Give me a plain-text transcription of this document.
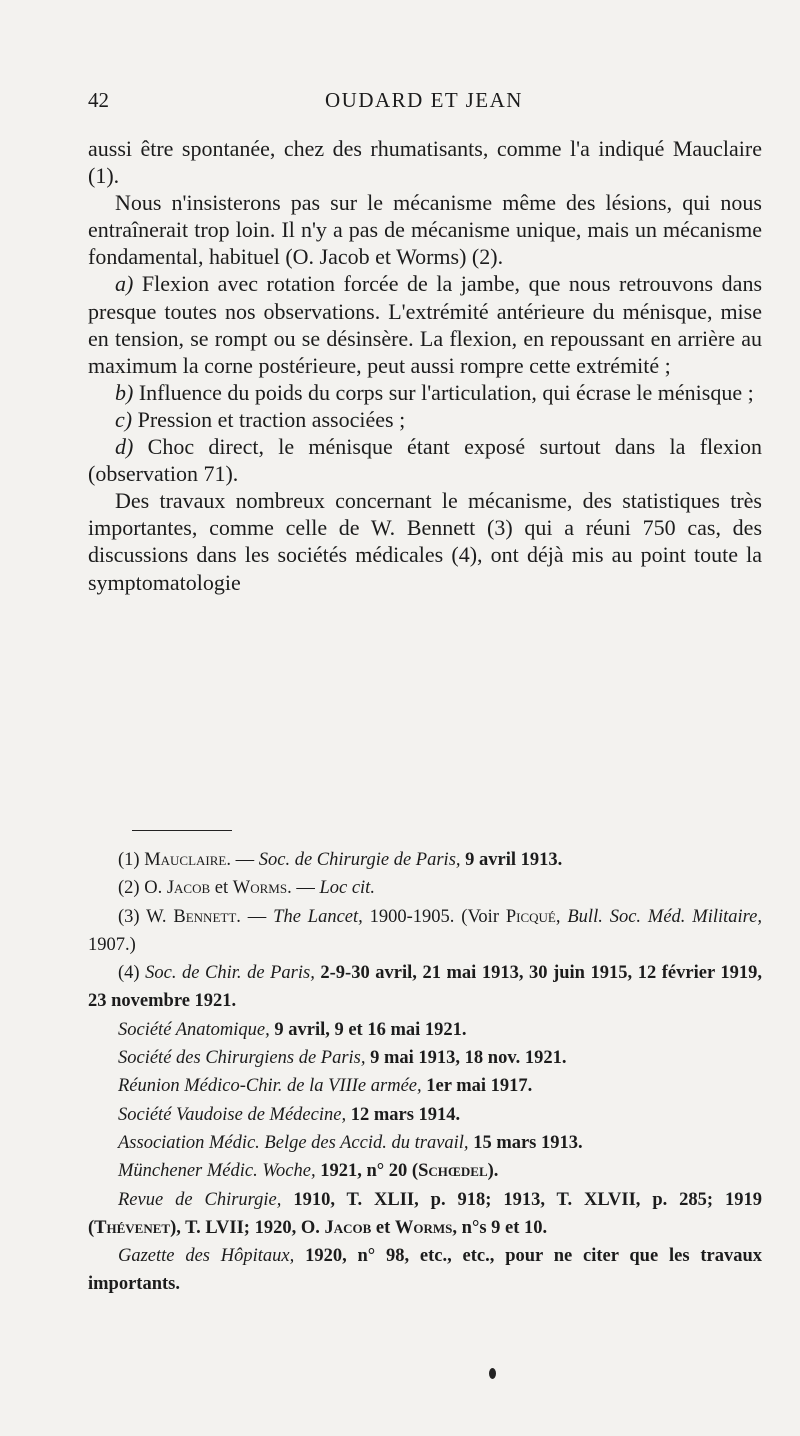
42	OUDARD ET JEAN

aussi être spontanée, chez des rhumatisants, comme l'a indiqué Mauclaire (1).

Nous n'insisterons pas sur le mécanisme même des lésions, qui nous entraînerait trop loin. Il n'y a pas de mécanisme unique, mais un mécanisme fondamental, habituel (O. Jacob et Worms) (2).

a) Flexion avec rotation forcée de la jambe, que nous retrouvons dans presque toutes nos observations. L'extrémité antérieure du ménisque, mise en tension, se rompt ou se désinsère. La flexion, en repoussant en arrière au maximum la corne postérieure, peut aussi rompre cette extrémité ;

b) Influence du poids du corps sur l'articulation, qui écrase le ménisque ;

c) Pression et traction associées ;

d) Choc direct, le ménisque étant exposé surtout dans la flexion (observation 71).

Des travaux nombreux concernant le mécanisme, des statistiques très importantes, comme celle de W. Bennett (3) qui a réuni 750 cas, des discussions dans les sociétés médicales (4), ont déjà mis au point toute la symptomatologie

(1) Mauclaire. — Soc. de Chirurgie de Paris, 9 avril 1913.

(2) O. Jacob et Worms. — Loc cit.

(3) W. Bennett. — The Lancet, 1900-1905. (Voir Picqué, Bull. Soc. Méd. Militaire, 1907.)

(4) Soc. de Chir. de Paris, 2-9-30 avril, 21 mai 1913, 30 juin 1915, 12 février 1919, 23 novembre 1921.

Société Anatomique, 9 avril, 9 et 16 mai 1921.

Société des Chirurgiens de Paris, 9 mai 1913, 18 nov. 1921.

Réunion Médico-Chir. de la VIIIe armée, 1er mai 1917.

Société Vaudoise de Médecine, 12 mars 1914.

Association Médic. Belge des Accid. du travail, 15 mars 1913.

Münchener Médic. Woche, 1921, n° 20 (Schœdel).

Revue de Chirurgie, 1910, T. XLII, p. 918; 1913, T. XLVII, p. 285; 1919 (Thévenet), T. LVII; 1920, O. Jacob et Worms, n°s 9 et 10.

Gazette des Hôpitaux, 1920, n° 98, etc., etc., pour ne citer que les travaux importants.
